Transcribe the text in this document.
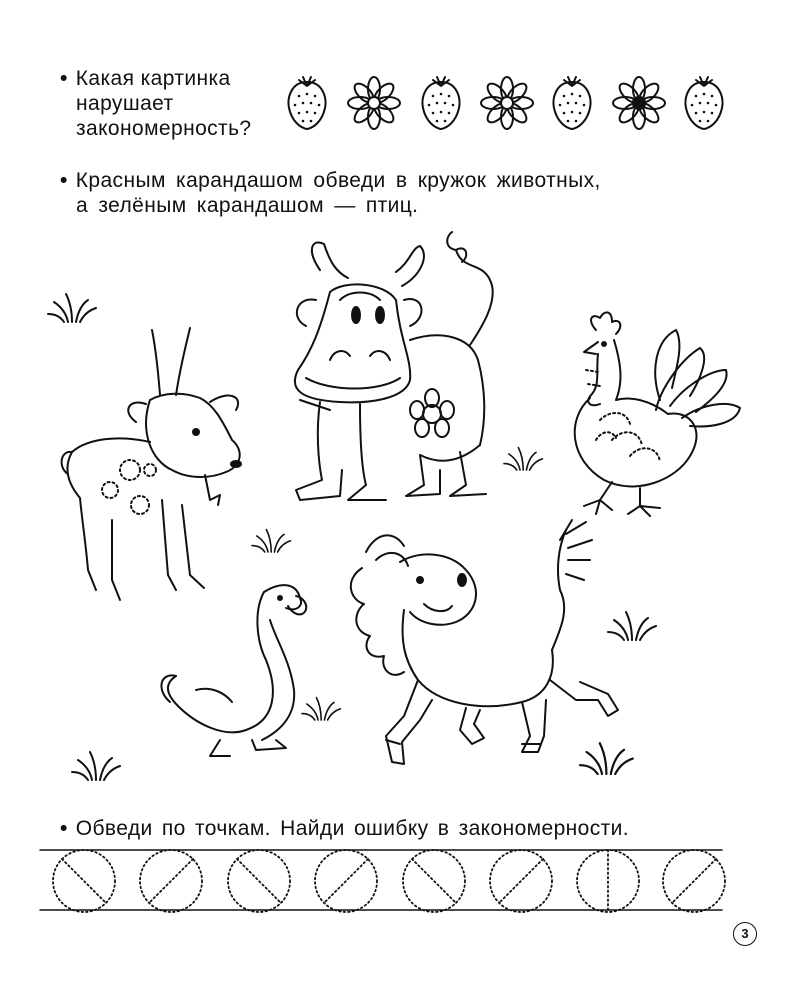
• Какая картинка

нарушает
закономерность?
• Красным карандашом обведи в кружок животных,

а зелёным карандашом — птиц.
• Обведи по точкам. Найди ошибку в закономерности.
3
